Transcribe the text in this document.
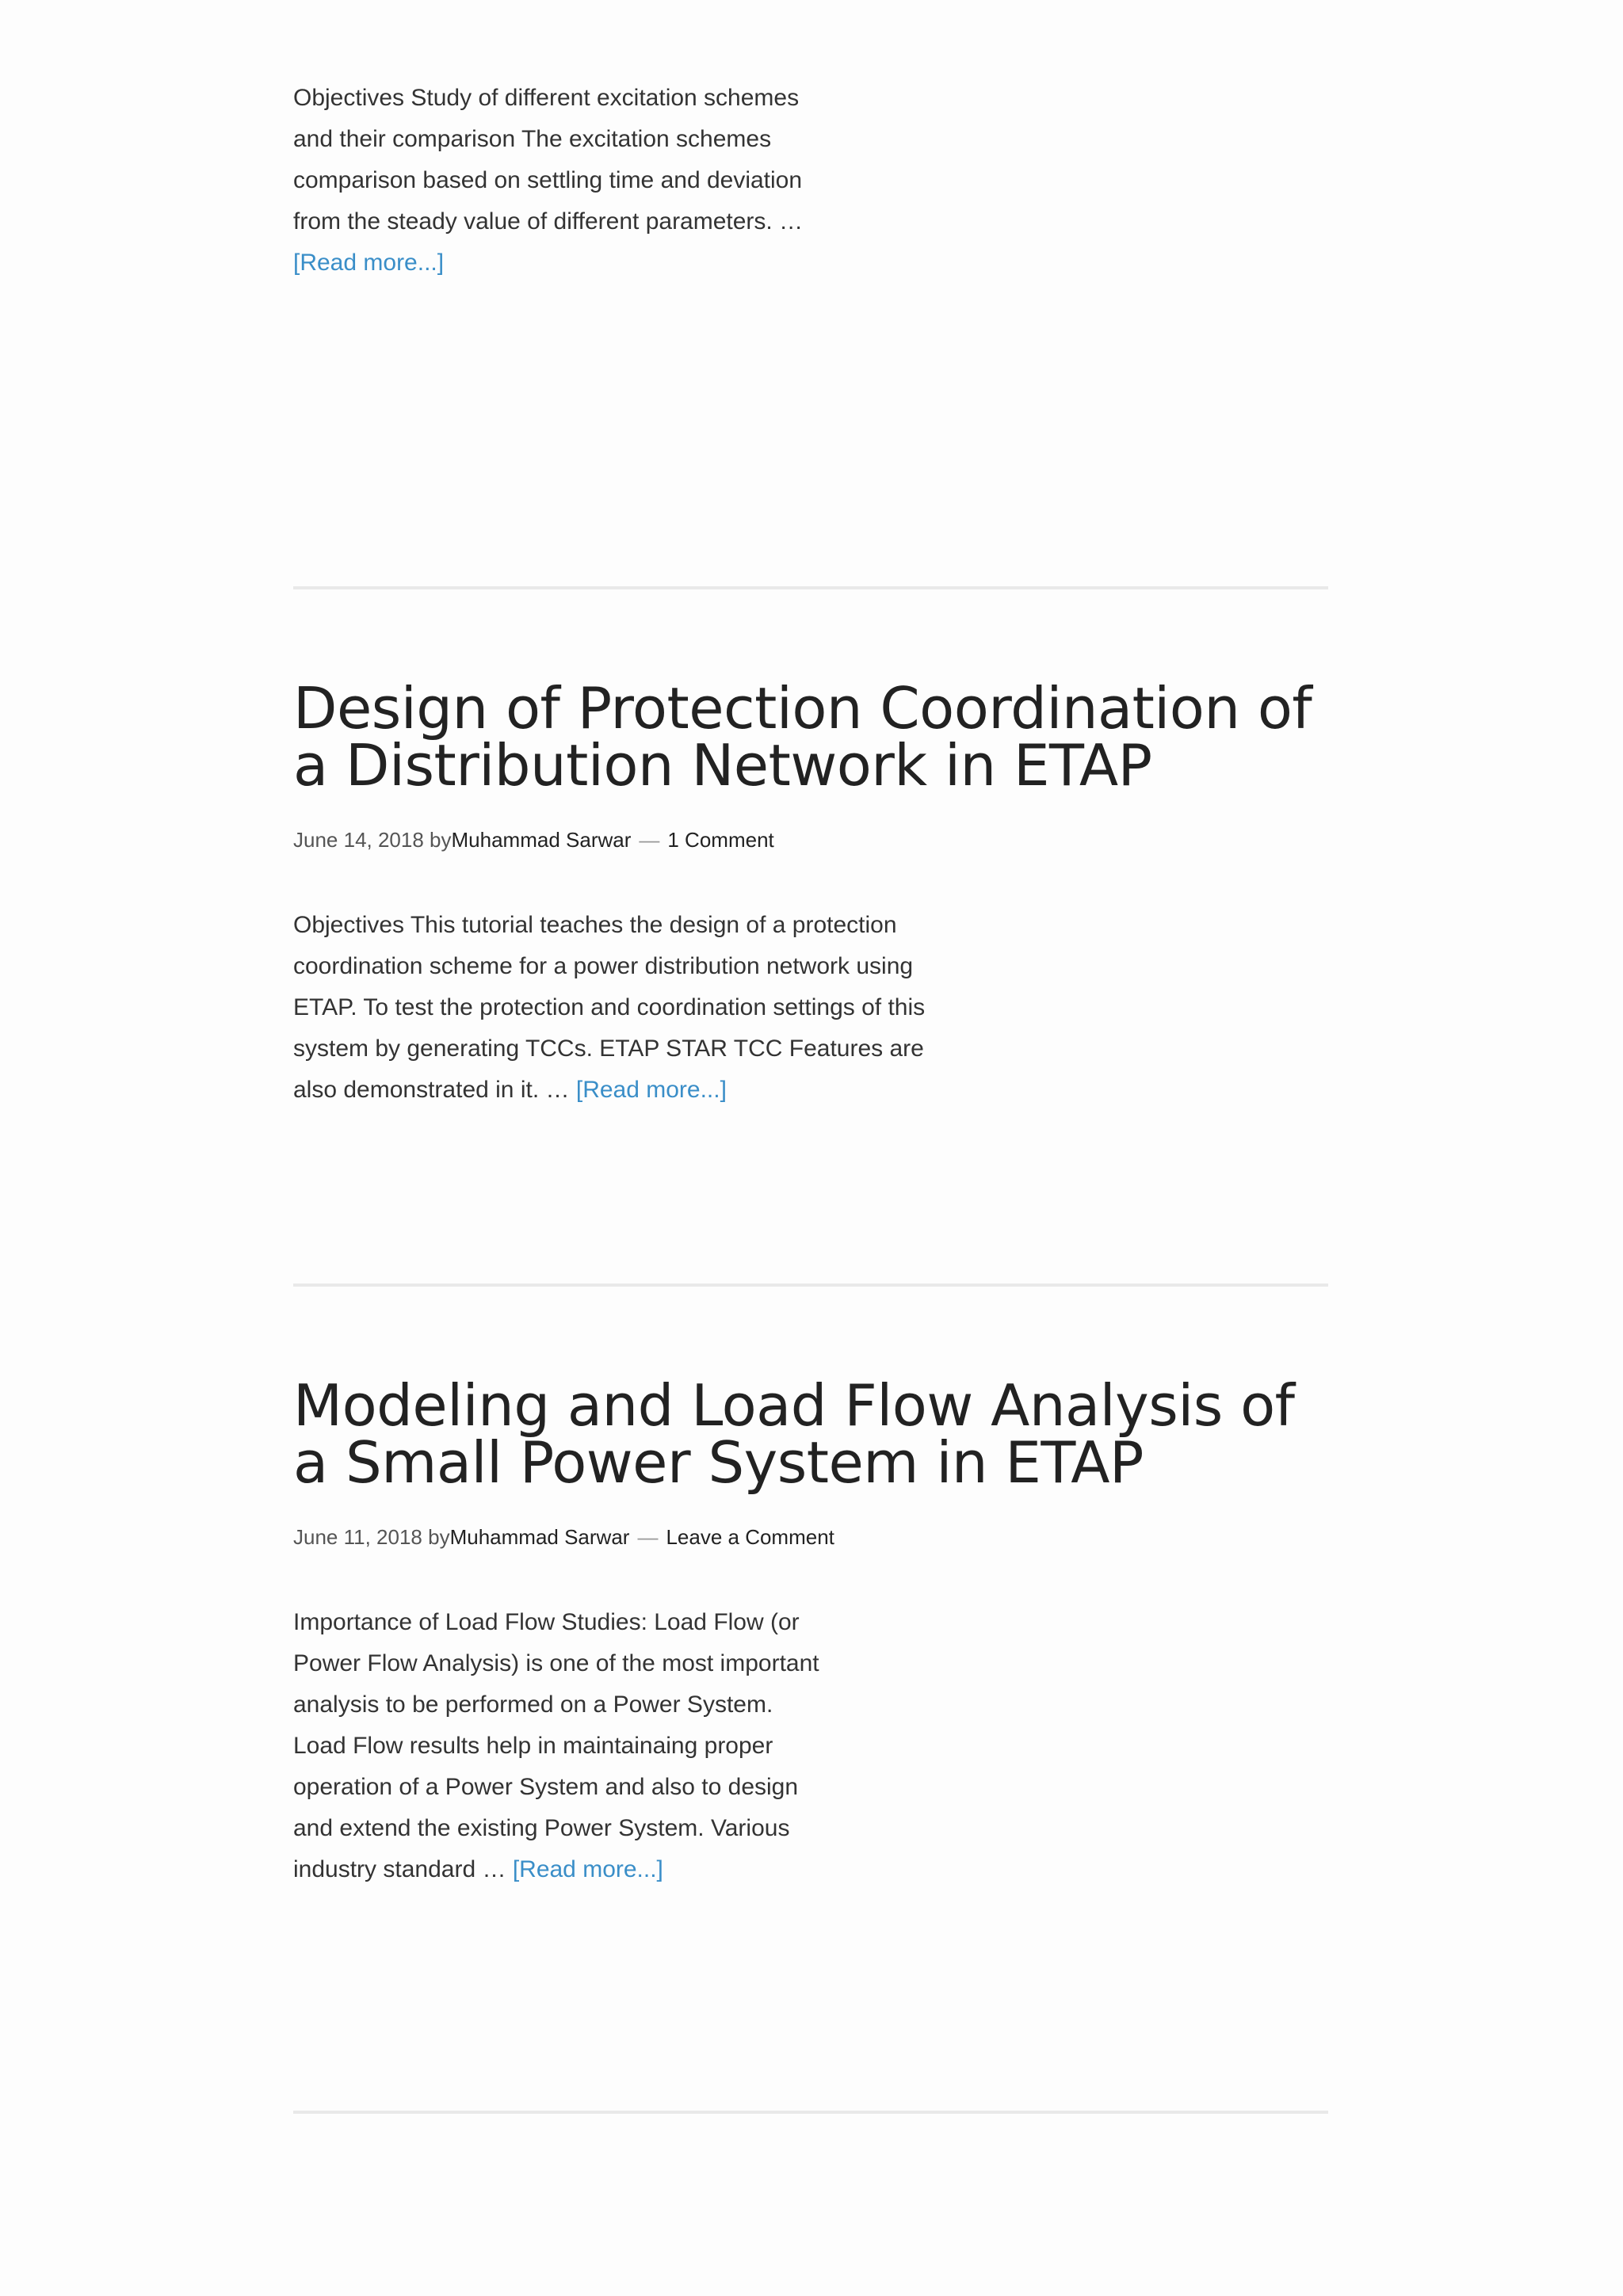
Objectives Study of different excitation schemes and their comparison The excitation schemes comparison based on settling time and deviation from the steady value of different parameters. … [Read more...]

Design of Protection Coordination of a Distribution Network in ETAP

June 14, 2018 byMuhammad Sarwar — 1 Comment

Objectives This tutorial teaches the design of a protection coordination scheme for a power distribution network using ETAP. To test the protection and coordination settings of this system by generating TCCs. ETAP STAR TCC Features are also demonstrated in it. … [Read more...]

Modeling and Load Flow Analysis of a Small Power System in ETAP

June 11, 2018 byMuhammad Sarwar — Leave a Comment

Importance of Load Flow Studies: Load Flow (or Power Flow Analysis) is one of the most important analysis to be performed on a Power System. Load Flow results help in maintainaing proper operation of a Power System and also to design and extend the existing Power System. Various industry standard … [Read more...]
